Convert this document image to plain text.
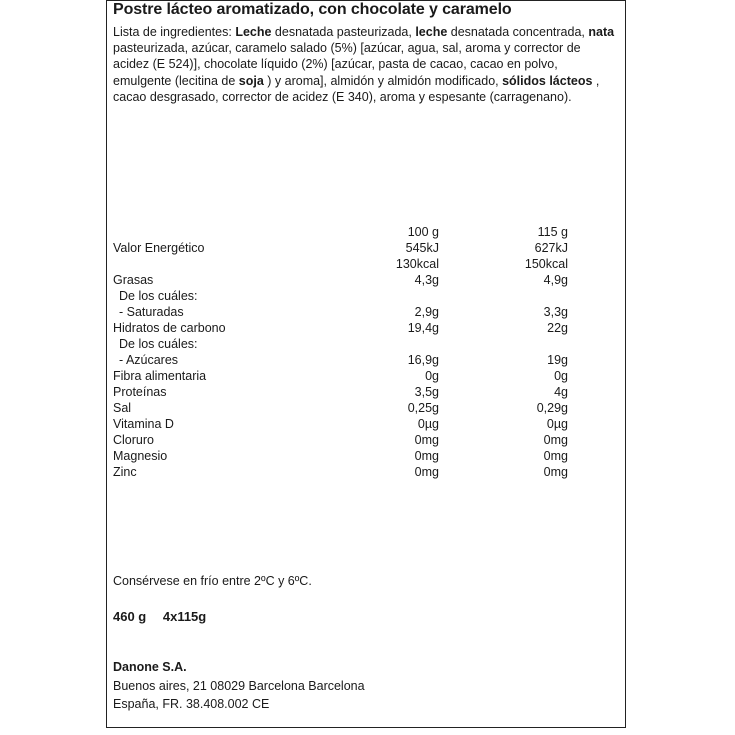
Postre lácteo aromatizado, con chocolate y caramelo
Lista de ingredientes: Leche desnatada pasteurizada, leche desnatada concentrada, nata pasteurizada, azúcar, caramelo salado (5%) [azúcar, agua, sal, aroma y corrector de acidez (E 524)], chocolate líquido (2%) [azúcar, pasta de cacao, cacao en polvo, emulgente (lecitina de soja ) y aroma], almidón y almidón modificado, sólidos lácteos , cacao desgrasado, corrector de acidez (E 340), aroma y espesante (carragenano).
100 g	115 g
Valor Energético	545kJ	627kJ
130kcal	150kcal
Grasas	4,3g	4,9g
De los cuáles:
- Saturadas	2,9g	3,3g
Hidratos de carbono	19,4g	22g
De los cuáles:
- Azúcares	16,9g	19g
Fibra alimentaria	0g	0g
Proteínas	3,5g	4g
Sal	0,25g	0,29g
Vitamina D	0µg	0µg
Cloruro	0mg	0mg
Magnesio	0mg	0mg
Zinc	0mg	0mg
Consérvese en frío entre 2ºC y 6ºC.
460 g  4x115g
Danone S.A.
Buenos aires, 21 08029 Barcelona Barcelona
España, FR. 38.408.002 CE
